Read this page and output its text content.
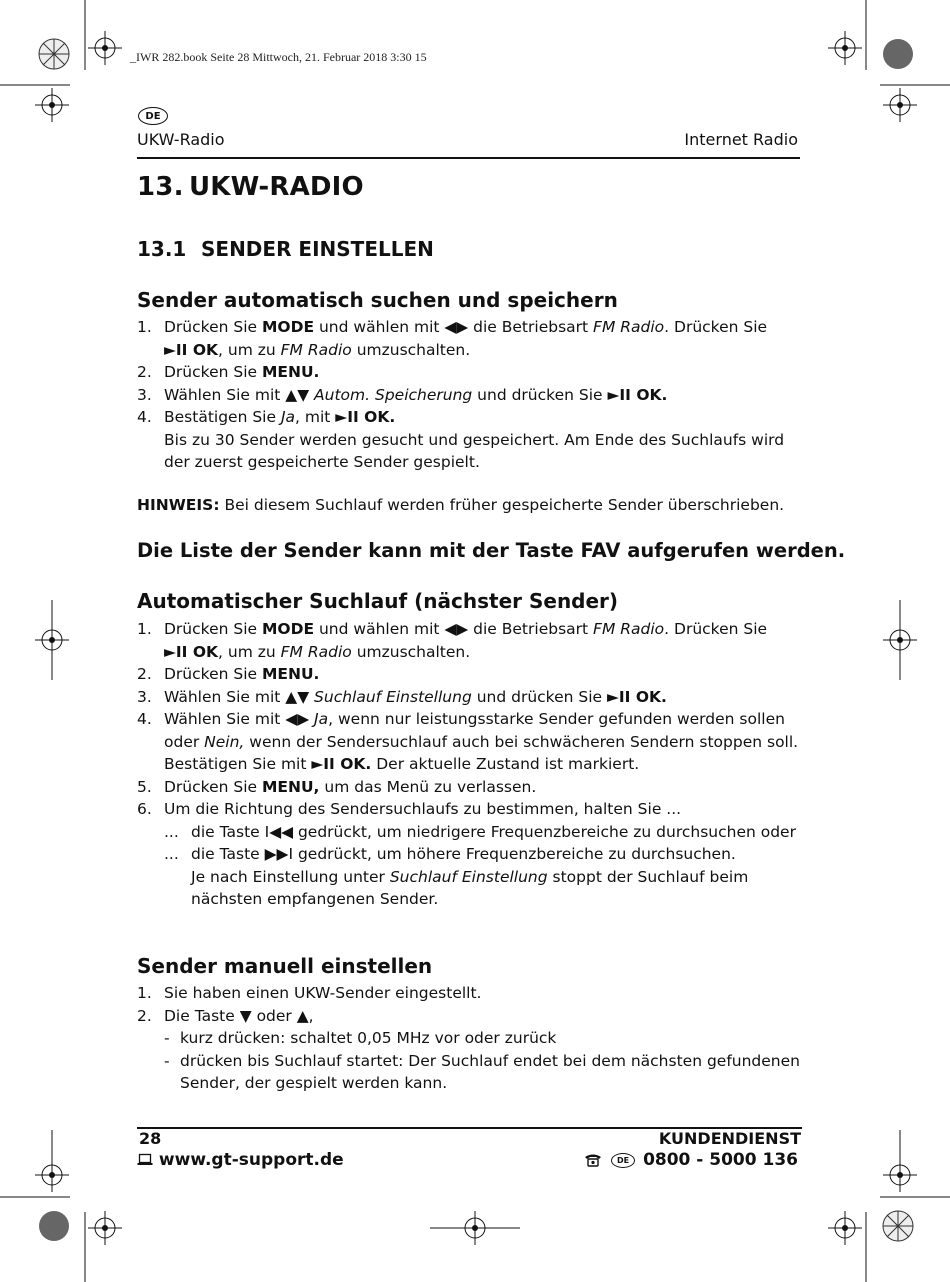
_IWR 282.book Seite 28 Mittwoch, 21. Februar 2018 3:30 15
DE
UKW-Radio	Internet Radio
13. UKW-RADIO
13.1 SENDER EINSTELLEN
Sender automatisch suchen und speichern
1. Drücken Sie MODE und wählen mit ◀▶ die Betriebsart FM Radio. Drücken Sie
►II OK, um zu FM Radio umzuschalten.
2. Drücken Sie MENU.
3. Wählen Sie mit ▲▼ Autom. Speicherung und drücken Sie ►II OK.
4. Bestätigen Sie Ja, mit ►II OK.
Bis zu 30 Sender werden gesucht und gespeichert. Am Ende des Suchlaufs wird der zuerst gespeicherte Sender gespielt.
HINWEIS: Bei diesem Suchlauf werden früher gespeicherte Sender überschrieben.
Die Liste der Sender kann mit der Taste FAV aufgerufen werden.
Automatischer Suchlauf (nächster Sender)
1. Drücken Sie MODE und wählen mit ◀▶ die Betriebsart FM Radio. Drücken Sie
►II OK, um zu FM Radio umzuschalten.
2. Drücken Sie MENU.
3. Wählen Sie mit ▲▼ Suchlauf Einstellung und drücken Sie ►II OK.
4. Wählen Sie mit ◀▶ Ja, wenn nur leistungsstarke Sender gefunden werden sollen oder Nein, wenn der Sendersuchlauf auch bei schwächeren Sendern stoppen soll. Bestätigen Sie mit ►II OK. Der aktuelle Zustand ist markiert.
5. Drücken Sie MENU, um das Menü zu verlassen.
6. Um die Richtung des Sendersuchlaufs zu bestimmen, halten Sie ...
... die Taste I◀◀ gedrückt, um niedrigere Frequenzbereiche zu durchsuchen oder
... die Taste ▶▶I gedrückt, um höhere Frequenzbereiche zu durchsuchen.
Je nach Einstellung unter Suchlauf Einstellung stoppt der Suchlauf beim nächsten empfangenen Sender.
Sender manuell einstellen
1. Sie haben einen UKW-Sender eingestellt.
2. Die Taste ▼ oder ▲,
- kurz drücken: schaltet 0,05 MHz vor oder zurück
- drücken bis Suchlauf startet: Der Suchlauf endet bei dem nächsten gefundenen Sender, der gespielt werden kann.
28	KUNDENDIENST
www.gt-support.de	DE 0800 - 5000 136
